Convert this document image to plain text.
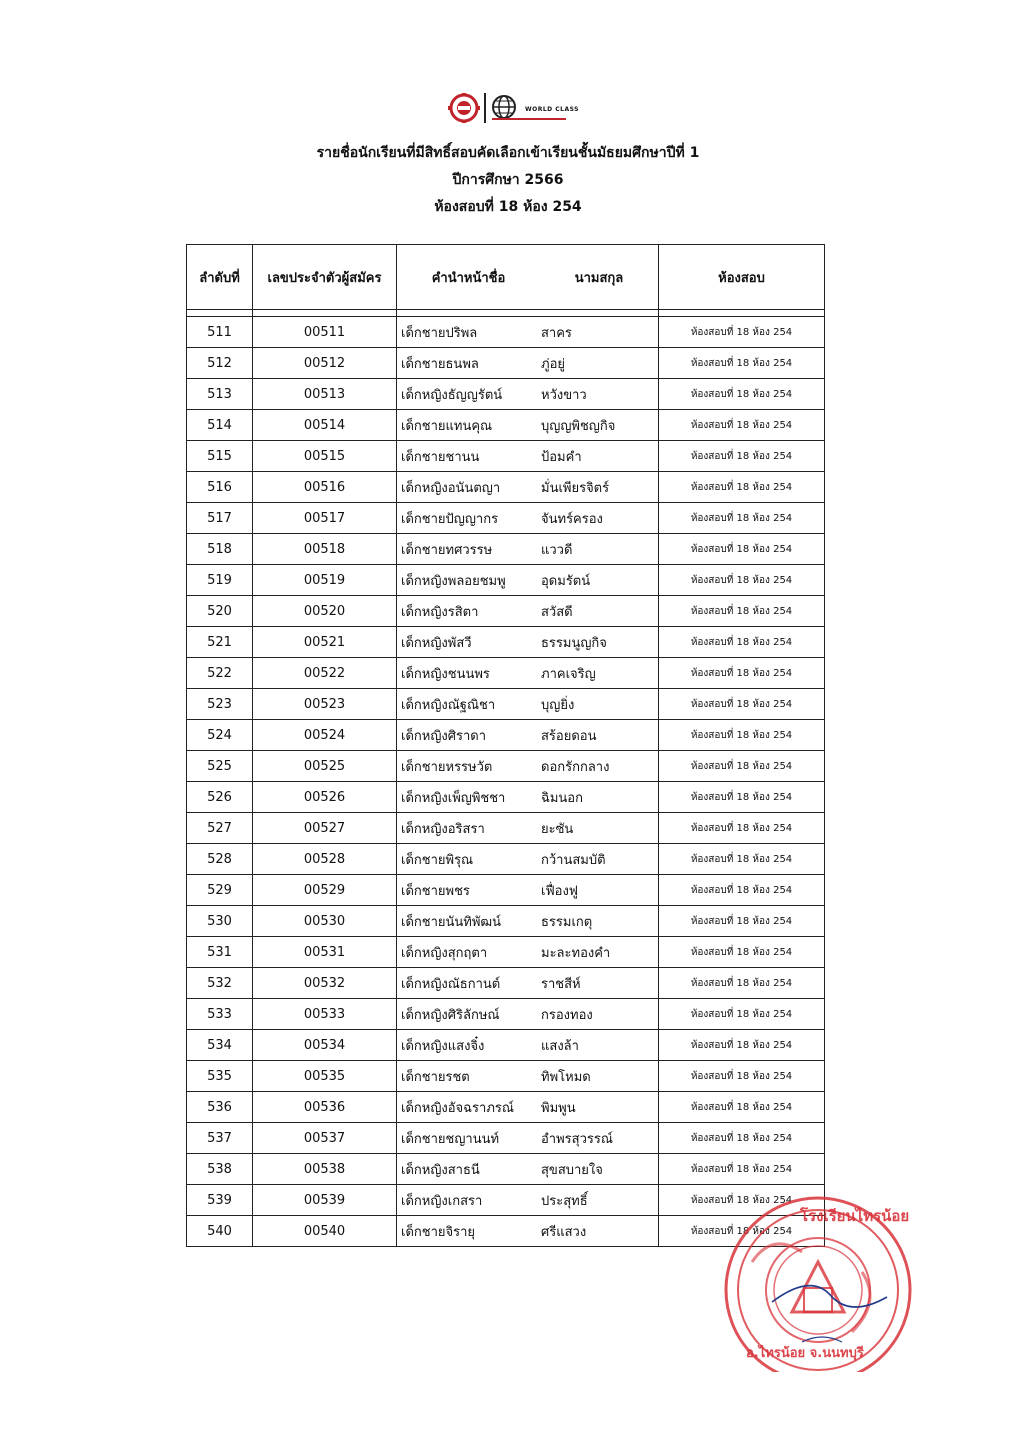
WORLD CLASS
รายชื่อนักเรียนที่มีสิทธิ์สอบคัดเลือกเข้าเรียนชั้นมัธยมศึกษาปีที่ 1
ปีการศึกษา 2566
ห้องสอบที่ 18 ห้อง 254
ลำดับที่	เลขประจำตัวผู้สมัคร	คำนำหน้าชื่อ นามสกุล	ห้องสอบ

511	00511	เด็กชายปริพล สาคร	ห้องสอบที่ 18 ห้อง 254
512	00512	เด็กชายธนพล ภู่อยู่	ห้องสอบที่ 18 ห้อง 254
513	00513	เด็กหญิงธัญญรัตน์ หวังขาว	ห้องสอบที่ 18 ห้อง 254
514	00514	เด็กชายแทนคุณ บุญญพิชญกิจ	ห้องสอบที่ 18 ห้อง 254
515	00515	เด็กชายชานน ป้อมคำ	ห้องสอบที่ 18 ห้อง 254
516	00516	เด็กหญิงอนันตญา มั่นเพียรจิตร์	ห้องสอบที่ 18 ห้อง 254
517	00517	เด็กชายปัญญากร จันทร์ครอง	ห้องสอบที่ 18 ห้อง 254
518	00518	เด็กชายทศวรรษ แววดี	ห้องสอบที่ 18 ห้อง 254
519	00519	เด็กหญิงพลอยชมพู อุดมรัตน์	ห้องสอบที่ 18 ห้อง 254
520	00520	เด็กหญิงรสิตา สวัสดี	ห้องสอบที่ 18 ห้อง 254
521	00521	เด็กหญิงพัสวี ธรรมนูญกิจ	ห้องสอบที่ 18 ห้อง 254
522	00522	เด็กหญิงชนนพร ภาคเจริญ	ห้องสอบที่ 18 ห้อง 254
523	00523	เด็กหญิงณัฐณิชา บุญยิ่ง	ห้องสอบที่ 18 ห้อง 254
524	00524	เด็กหญิงศิราดา สร้อยดอน	ห้องสอบที่ 18 ห้อง 254
525	00525	เด็กชายหรรษวัต ดอกรักกลาง	ห้องสอบที่ 18 ห้อง 254
526	00526	เด็กหญิงเพ็ญพิชชา ฉิมนอก	ห้องสอบที่ 18 ห้อง 254
527	00527	เด็กหญิงอริสรา ยะซัน	ห้องสอบที่ 18 ห้อง 254
528	00528	เด็กชายพิรุณ กว้านสมบัติ	ห้องสอบที่ 18 ห้อง 254
529	00529	เด็กชายพชร เฟื่องฟู	ห้องสอบที่ 18 ห้อง 254
530	00530	เด็กชายนันทิพัฒน์ ธรรมเกตุ	ห้องสอบที่ 18 ห้อง 254
531	00531	เด็กหญิงสุกฤตา มะละทองคำ	ห้องสอบที่ 18 ห้อง 254
532	00532	เด็กหญิงณัธกานต์ ราชสีห์	ห้องสอบที่ 18 ห้อง 254
533	00533	เด็กหญิงศิริลักษณ์ กรองทอง	ห้องสอบที่ 18 ห้อง 254
534	00534	เด็กหญิงแสงจิ๋ง แสงล้า	ห้องสอบที่ 18 ห้อง 254
535	00535	เด็กชายรชต ทิพโหมด	ห้องสอบที่ 18 ห้อง 254
536	00536	เด็กหญิงอัจฉราภรณ์ พิมพูน	ห้องสอบที่ 18 ห้อง 254
537	00537	เด็กชายชญานนท์ อำพรสุวรรณ์	ห้องสอบที่ 18 ห้อง 254
538	00538	เด็กหญิงสาธนี สุขสบายใจ	ห้องสอบที่ 18 ห้อง 254
539	00539	เด็กหญิงเกสรา ประสุทธิ์	ห้องสอบที่ 18 ห้อง 254
540	00540	เด็กชายจิรายุ ศรีแสวง	ห้องสอบที่ 18 ห้อง 254
โรงเรียนไทรน้อย
อ.ไทรน้อย จ.นนทบุรี
